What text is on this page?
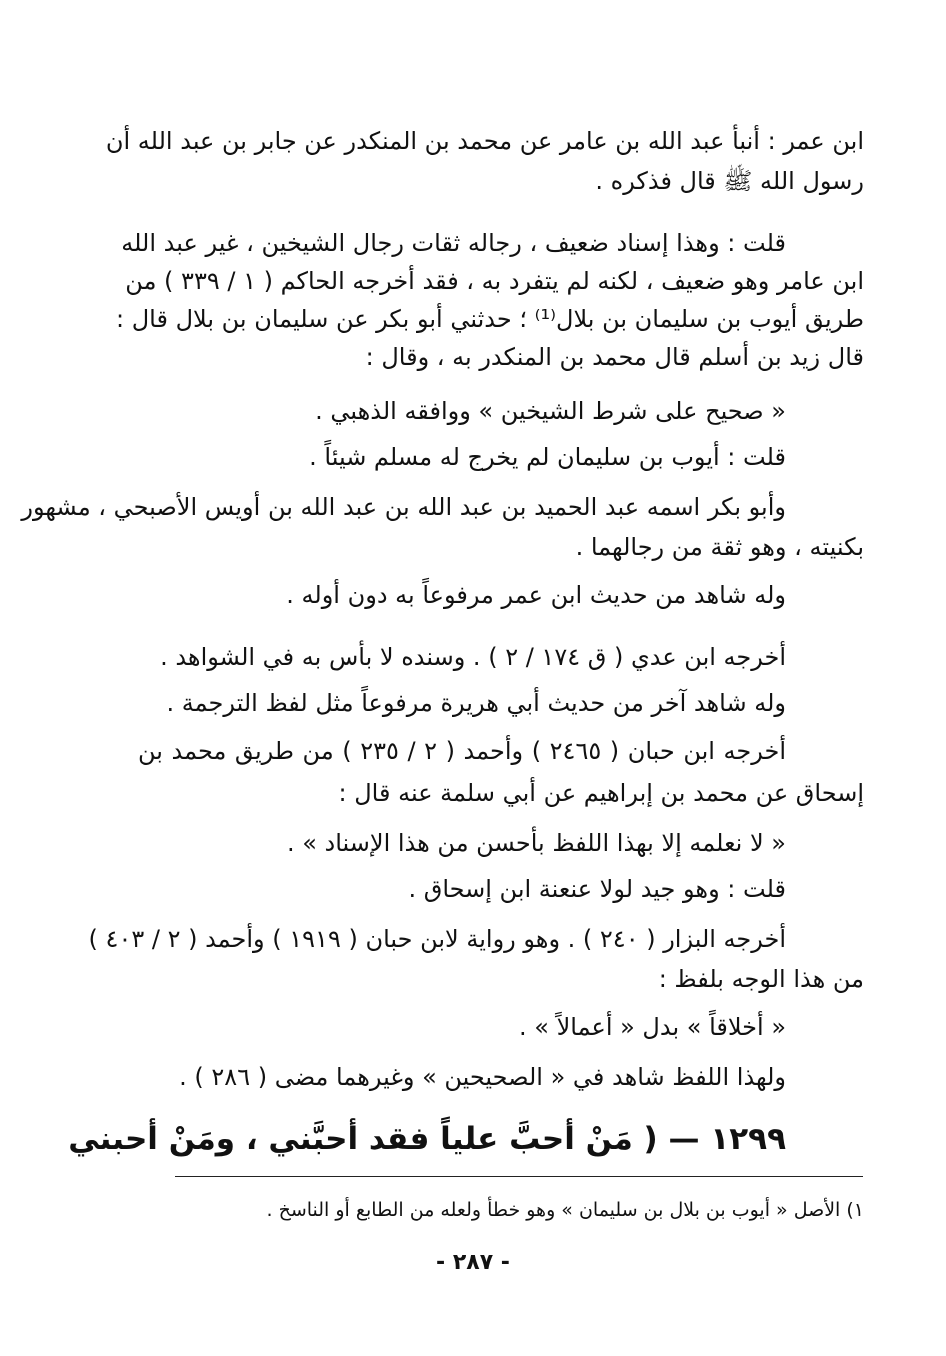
ابن عمر : أنبأ عبد الله بن عامر عن محمد بن المنكدر عن جابر بن عبد الله أن
رسول الله ﷺ قال فذكره .
قلت : وهذا إسناد ضعيف ، رجاله ثقات رجال الشيخين ، غير عبد الله
ابن عامر وهو ضعيف ، لكنه لم يتفرد به ، فقد أخرجه الحاكم ( ١ / ٣٣٩ ) من
طريق أيوب بن سليمان بن بلال⁽¹⁾ ؛ حدثني أبو بكر عن سليمان بن بلال قال :
قال زيد بن أسلم قال محمد بن المنكدر به ، وقال :
« صحيح على شرط الشيخين » ووافقه الذهبي .
قلت : أيوب بن سليمان لم يخرج له مسلم شيئاً .
وأبو بكر اسمه عبد الحميد بن عبد الله بن عبد الله بن أويس الأصبحي ، مشهور
بكنيته ، وهو ثقة من رجالهما .
وله شاهد من حديث ابن عمر مرفوعاً به دون أوله .
أخرجه ابن عدي ( ق ١٧٤ / ٢ ) . وسنده لا بأس به في الشواهد .
وله شاهد آخر من حديث أبي هريرة مرفوعاً مثل لفظ الترجمة .
أخرجه ابن حبان ( ٢٤٦٥ ) وأحمد ( ٢ / ٢٣٥ ) من طريق محمد بن
إسحاق عن محمد بن إبراهيم عن أبي سلمة عنه قال :
« لا نعلمه إلا بهذا اللفظ بأحسن من هذا الإسناد » .
قلت : وهو جيد لولا عنعنة ابن إسحاق .
أخرجه البزار ( ٢٤٠ ) . وهو رواية لابن حبان ( ١٩١٩ ) وأحمد ( ٢ / ٤٠٣ )
من هذا الوجه بلفظ :
« أخلاقاً » بدل « أعمالاً » .
ولهذا اللفظ شاهد في « الصحيحين » وغيرهما مضى ( ٢٨٦ ) .
١٢٩٩ — ( مَنْ أحبَّ علياً فقد أحبَّني ، ومَنْ أحبني
١) الأصل « أيوب بن بلال بن سليمان » وهو خطأ ولعله من الطابع أو الناسخ .
- ٢٨٧ -
